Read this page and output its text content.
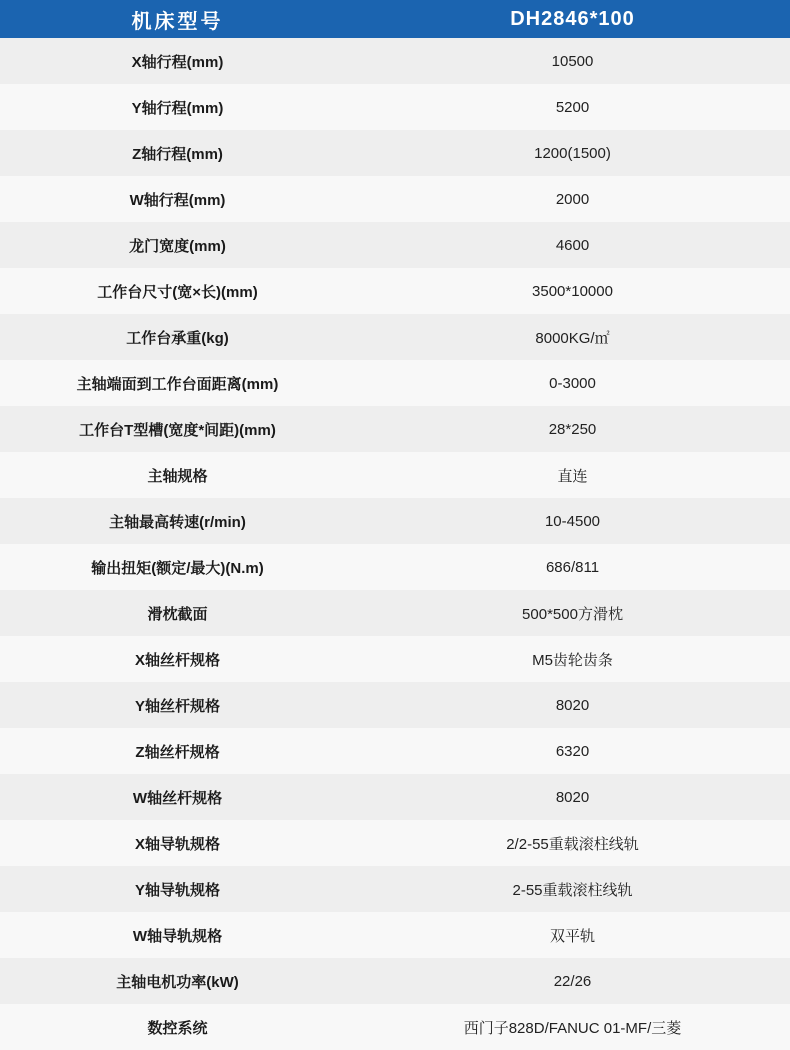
机床型号	DH2846*100
X轴行程(mm)	10500
Y轴行程(mm)	5200
Z轴行程(mm)	1200(1500)
W轴行程(mm)	2000
龙门宽度(mm)	4600
工作台尺寸(宽×长)(mm)	3500*10000
工作台承重(kg)	8000KG/㎡
主轴端面到工作台面距离(mm)	0-3000
工作台T型槽(宽度*间距)(mm)	28*250
主轴规格	直连
主轴最高转速(r/min)	10-4500
输出扭矩(额定/最大)(N.m)	686/811
滑枕截面	500*500方滑枕
X轴丝杆规格	M5齿轮齿条
Y轴丝杆规格	8020
Z轴丝杆规格	6320
W轴丝杆规格	8020
X轴导轨规格	2/2-55重载滚柱线轨
Y轴导轨规格	2-55重载滚柱线轨
W轴导轨规格	双平轨
主轴电机功率(kW)	22/26
数控系统	西门子828D/FANUC 01-MF/三菱
